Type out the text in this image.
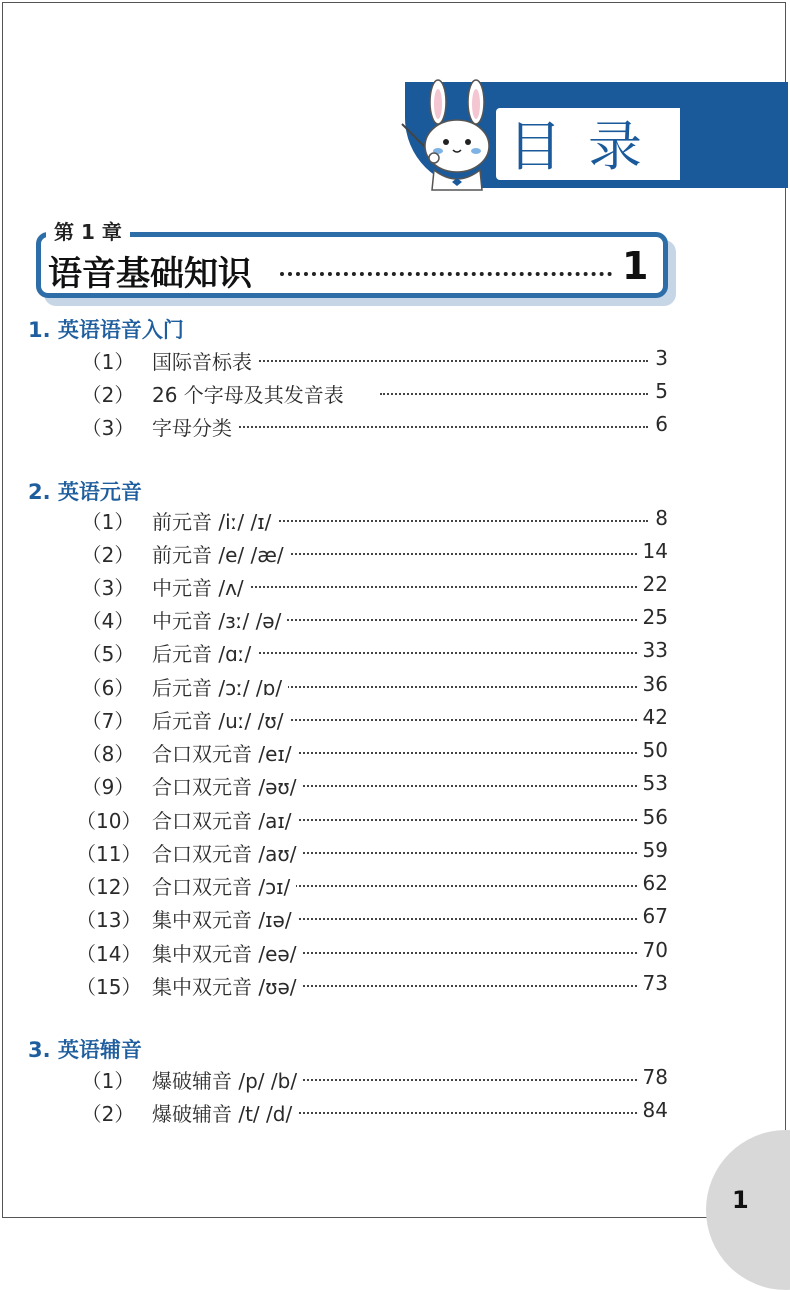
目录
第 1 章
语音基础知识	1
1. 英语语音入门
（1） 国际音标表	3
（2） 26 个字母及其发音表	5
（3） 字母分类	6
2. 英语元音
（1） 前元音 /iː/ /ɪ/	8
（2） 前元音 /e/ /æ/	14
（3） 中元音 /ʌ/	22
（4） 中元音 /ɜː/ /ə/	25
（5） 后元音 /ɑː/	33
（6） 后元音 /ɔː/ /ɒ/	36
（7） 后元音 /uː/ /ʊ/	42
（8） 合口双元音 /eɪ/	50
（9） 合口双元音 /əʊ/	53
（10） 合口双元音 /aɪ/	56
（11） 合口双元音 /aʊ/	59
（12） 合口双元音 /ɔɪ/	62
（13） 集中双元音 /ɪə/	67
（14） 集中双元音 /eə/	70
（15） 集中双元音 /ʊə/	73
3. 英语辅音
（1） 爆破辅音 /p/ /b/	78
（2） 爆破辅音 /t/ /d/	84
1
